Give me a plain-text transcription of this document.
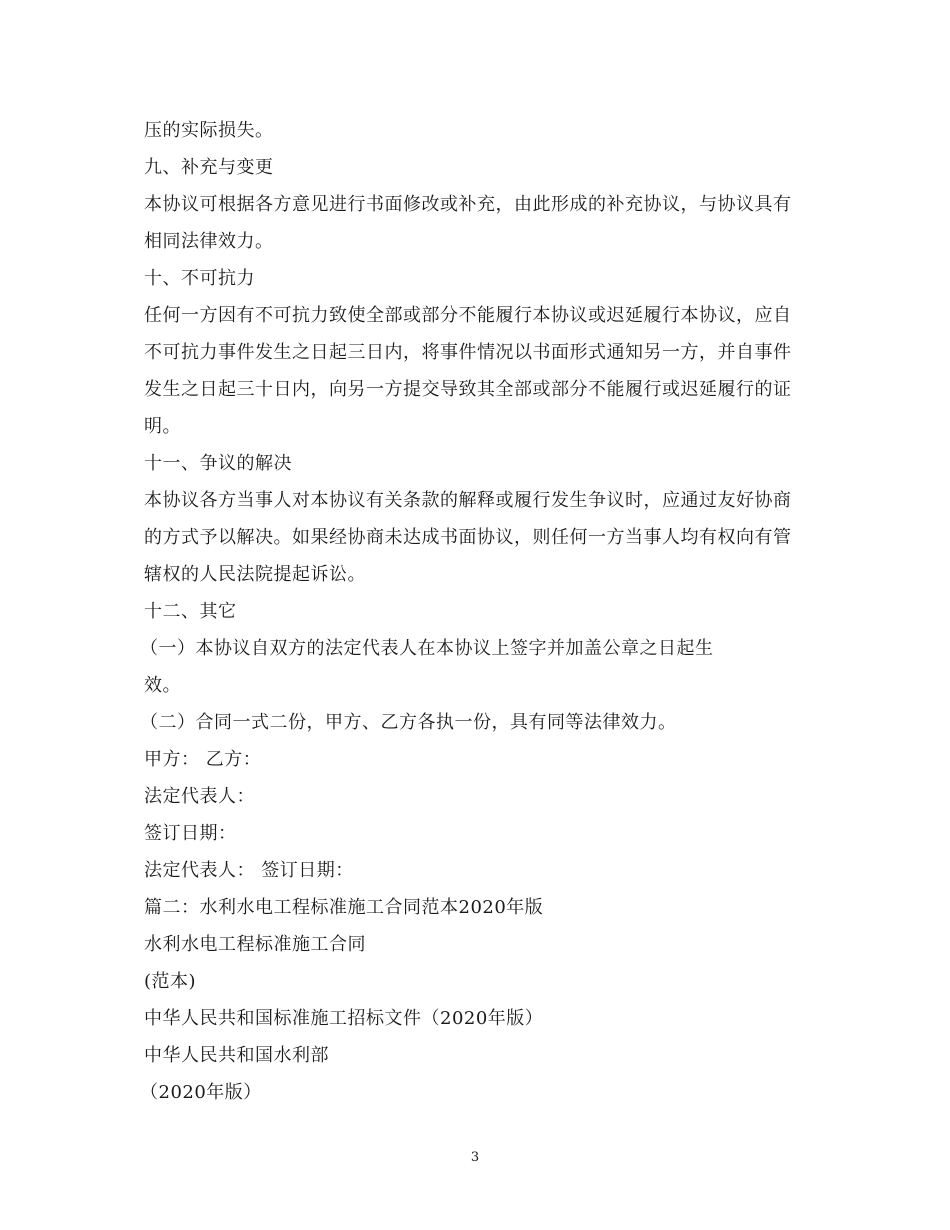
压的实际损失。
九、补充与变更
本协议可根据各方意见进行书面修改或补充，由此形成的补充协议，与协议具有
相同法律效力。
十、不可抗力
任何一方因有不可抗力致使全部或部分不能履行本协议或迟延履行本协议，应自
不可抗力事件发生之日起三日内，将事件情况以书面形式通知另一方，并自事件
发生之日起三十日内，向另一方提交导致其全部或部分不能履行或迟延履行的证
明。
十一、争议的解决
本协议各方当事人对本协议有关条款的解释或履行发生争议时，应通过友好协商
的方式予以解决。如果经协商未达成书面协议，则任何一方当事人均有权向有管
辖权的人民法院提起诉讼。
十二、其它
（一）本协议自双方的法定代表人在本协议上签字并加盖公章之日起生
效。
（二）合同一式二份，甲方、乙方各执一份，具有同等法律效力。
甲方： 乙方：
法定代表人：
签订日期：
法定代表人： 签订日期：
篇二：水利水电工程标准施工合同范本2020年版
水利水电工程标准施工合同
(范本)
中华人民共和国标准施工招标文件（2020年版）
中华人民共和国水利部
（2020年版）
3
